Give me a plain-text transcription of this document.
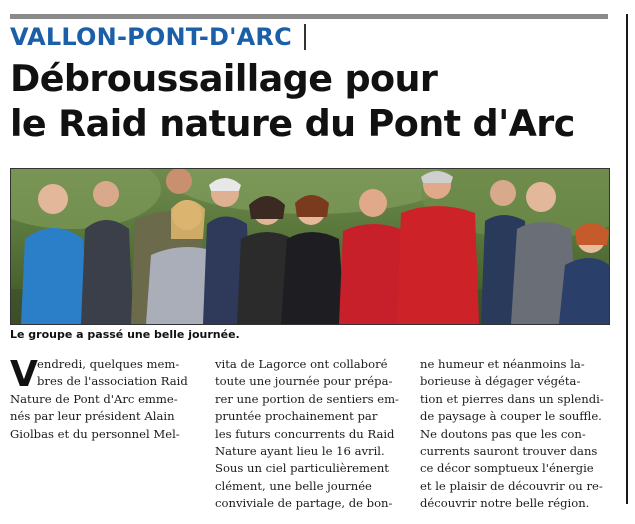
VALLON-PONT-D'ARC
Débroussaillage pour
le Raid nature du Pont d'Arc
Le groupe a passé une belle journée.
V endredi, quelques mem-
bres de l'association Raid
Nature de Pont d'Arc emme-
nés par leur président Alain
Giolbas et du personnel Mel-
vita de Lagorce ont collaboré
toute une journée pour prépa-
rer une portion de sentiers em-
pruntée prochainement par
les futurs concurrents du Raid
Nature ayant lieu le 16 avril.
Sous un ciel particulièrement
clément, une belle journée
conviviale de partage, de bon-
ne humeur et néanmoins la-
borieuse à dégager végéta-
tion et pierres dans un splendi-
de paysage à couper le souffle.
Ne doutons pas que les con-
currents sauront trouver dans
ce décor somptueux l'énergie
et le plaisir de découvrir ou re-
découvrir notre belle région.
